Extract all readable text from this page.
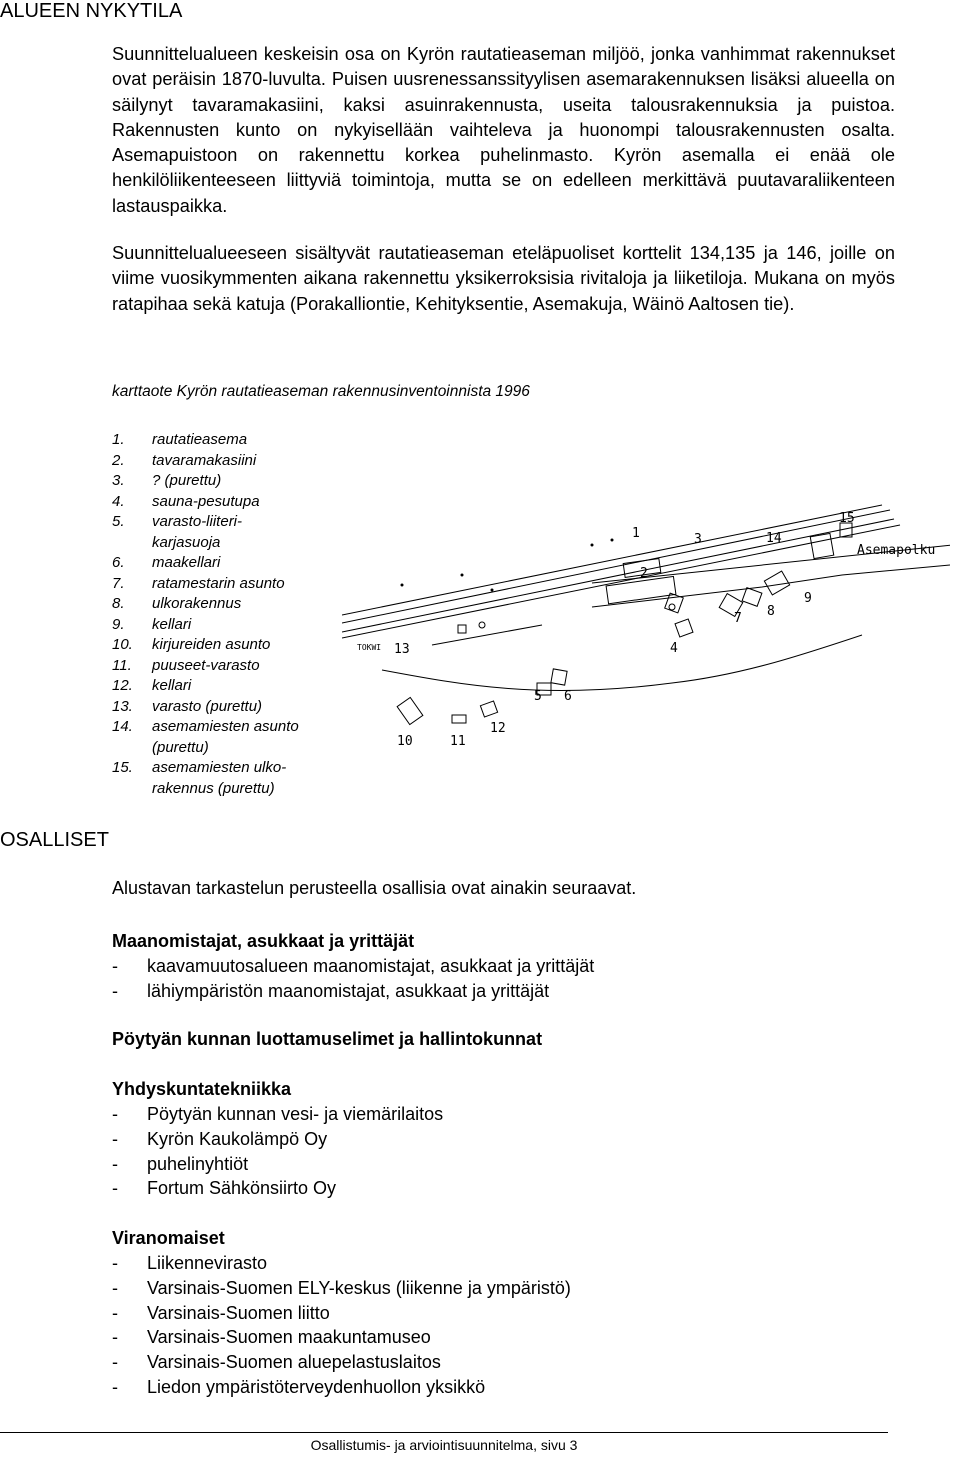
ALUEEN NYKYTILA

Suunnittelualueen keskeisin osa on Kyrön rautatieaseman miljöö, jonka vanhimmat rakennukset ovat peräisin 1870-luvulta. Puisen uusrenessanssityylisen asemarakennuksen lisäksi alueella on säilynyt tavaramakasiini, kaksi asuinrakennusta, useita talousrakennuksia ja puistoa. Rakennusten kunto on nykyisellään vaihteleva ja huonompi talousrakennusten osalta. Asemapuistoon on rakennettu korkea puhelinmasto. Kyrön asemalla ei enää ole henkilöliikenteeseen liittyviä toimintoja, mutta se on edelleen merkittävä puutavaraliikenteen lastauspaikka.

Suunnittelualueeseen sisältyvät rautatieaseman eteläpuoliset korttelit 134,135 ja 146, joille on viime vuosikymmenten aikana rakennettu yksikerroksisia rivitaloja ja liiketiloja. Mukana on myös ratapihaa sekä katuja (Porakalliontie, Kehityksentie, Asemakuja, Wäinö Aaltosen tie).

karttaote Kyrön rautatieaseman rakennusinventoinnista 1996
1.	rautatieasema
2.	tavaramakasiini
3.	? (purettu)
4.	sauna-pesutupa
5.	varasto-liiteri-
karjasuoja
6.	maakellari
7.	ratamestarin asunto
8.	ulkorakennus
9.	kellari
10.	kirjureiden asunto
11.	puuseet-varasto
12.	kellari
13.	varasto (purettu)
14.	asemamiesten asunto
(purettu)
15.	asemamiesten ulko-
rakennus (purettu)
1
2
3
4
5 6
7 8
9
10	11
12
13
14
15
Asemapolku
TOKWI
OSALLISET
Alustavan tarkastelun perusteella osallisia ovat ainakin seuraavat.
Maanomistajat, asukkaat ja yrittäjät
-	kaavamuutosalueen maanomistajat, asukkaat ja yrittäjät
-	lähiympäristön maanomistajat, asukkaat ja yrittäjät
Pöytyän kunnan luottamuselimet ja hallintokunnat
Yhdyskuntatekniikka
-	Pöytyän kunnan vesi- ja viemärilaitos
-	Kyrön Kaukolämpö Oy
-	puhelinyhtiöt
-	Fortum Sähkönsiirto Oy
Viranomaiset
-	Liikennevirasto
-	Varsinais-Suomen ELY-keskus (liikenne ja ympäristö)
-	Varsinais-Suomen liitto
-	Varsinais-Suomen maakuntamuseo
-	Varsinais-Suomen aluepelastuslaitos
-	Liedon ympäristöterveydenhuollon yksikkö
Osallistumis- ja arviointisuunnitelma, sivu 3
